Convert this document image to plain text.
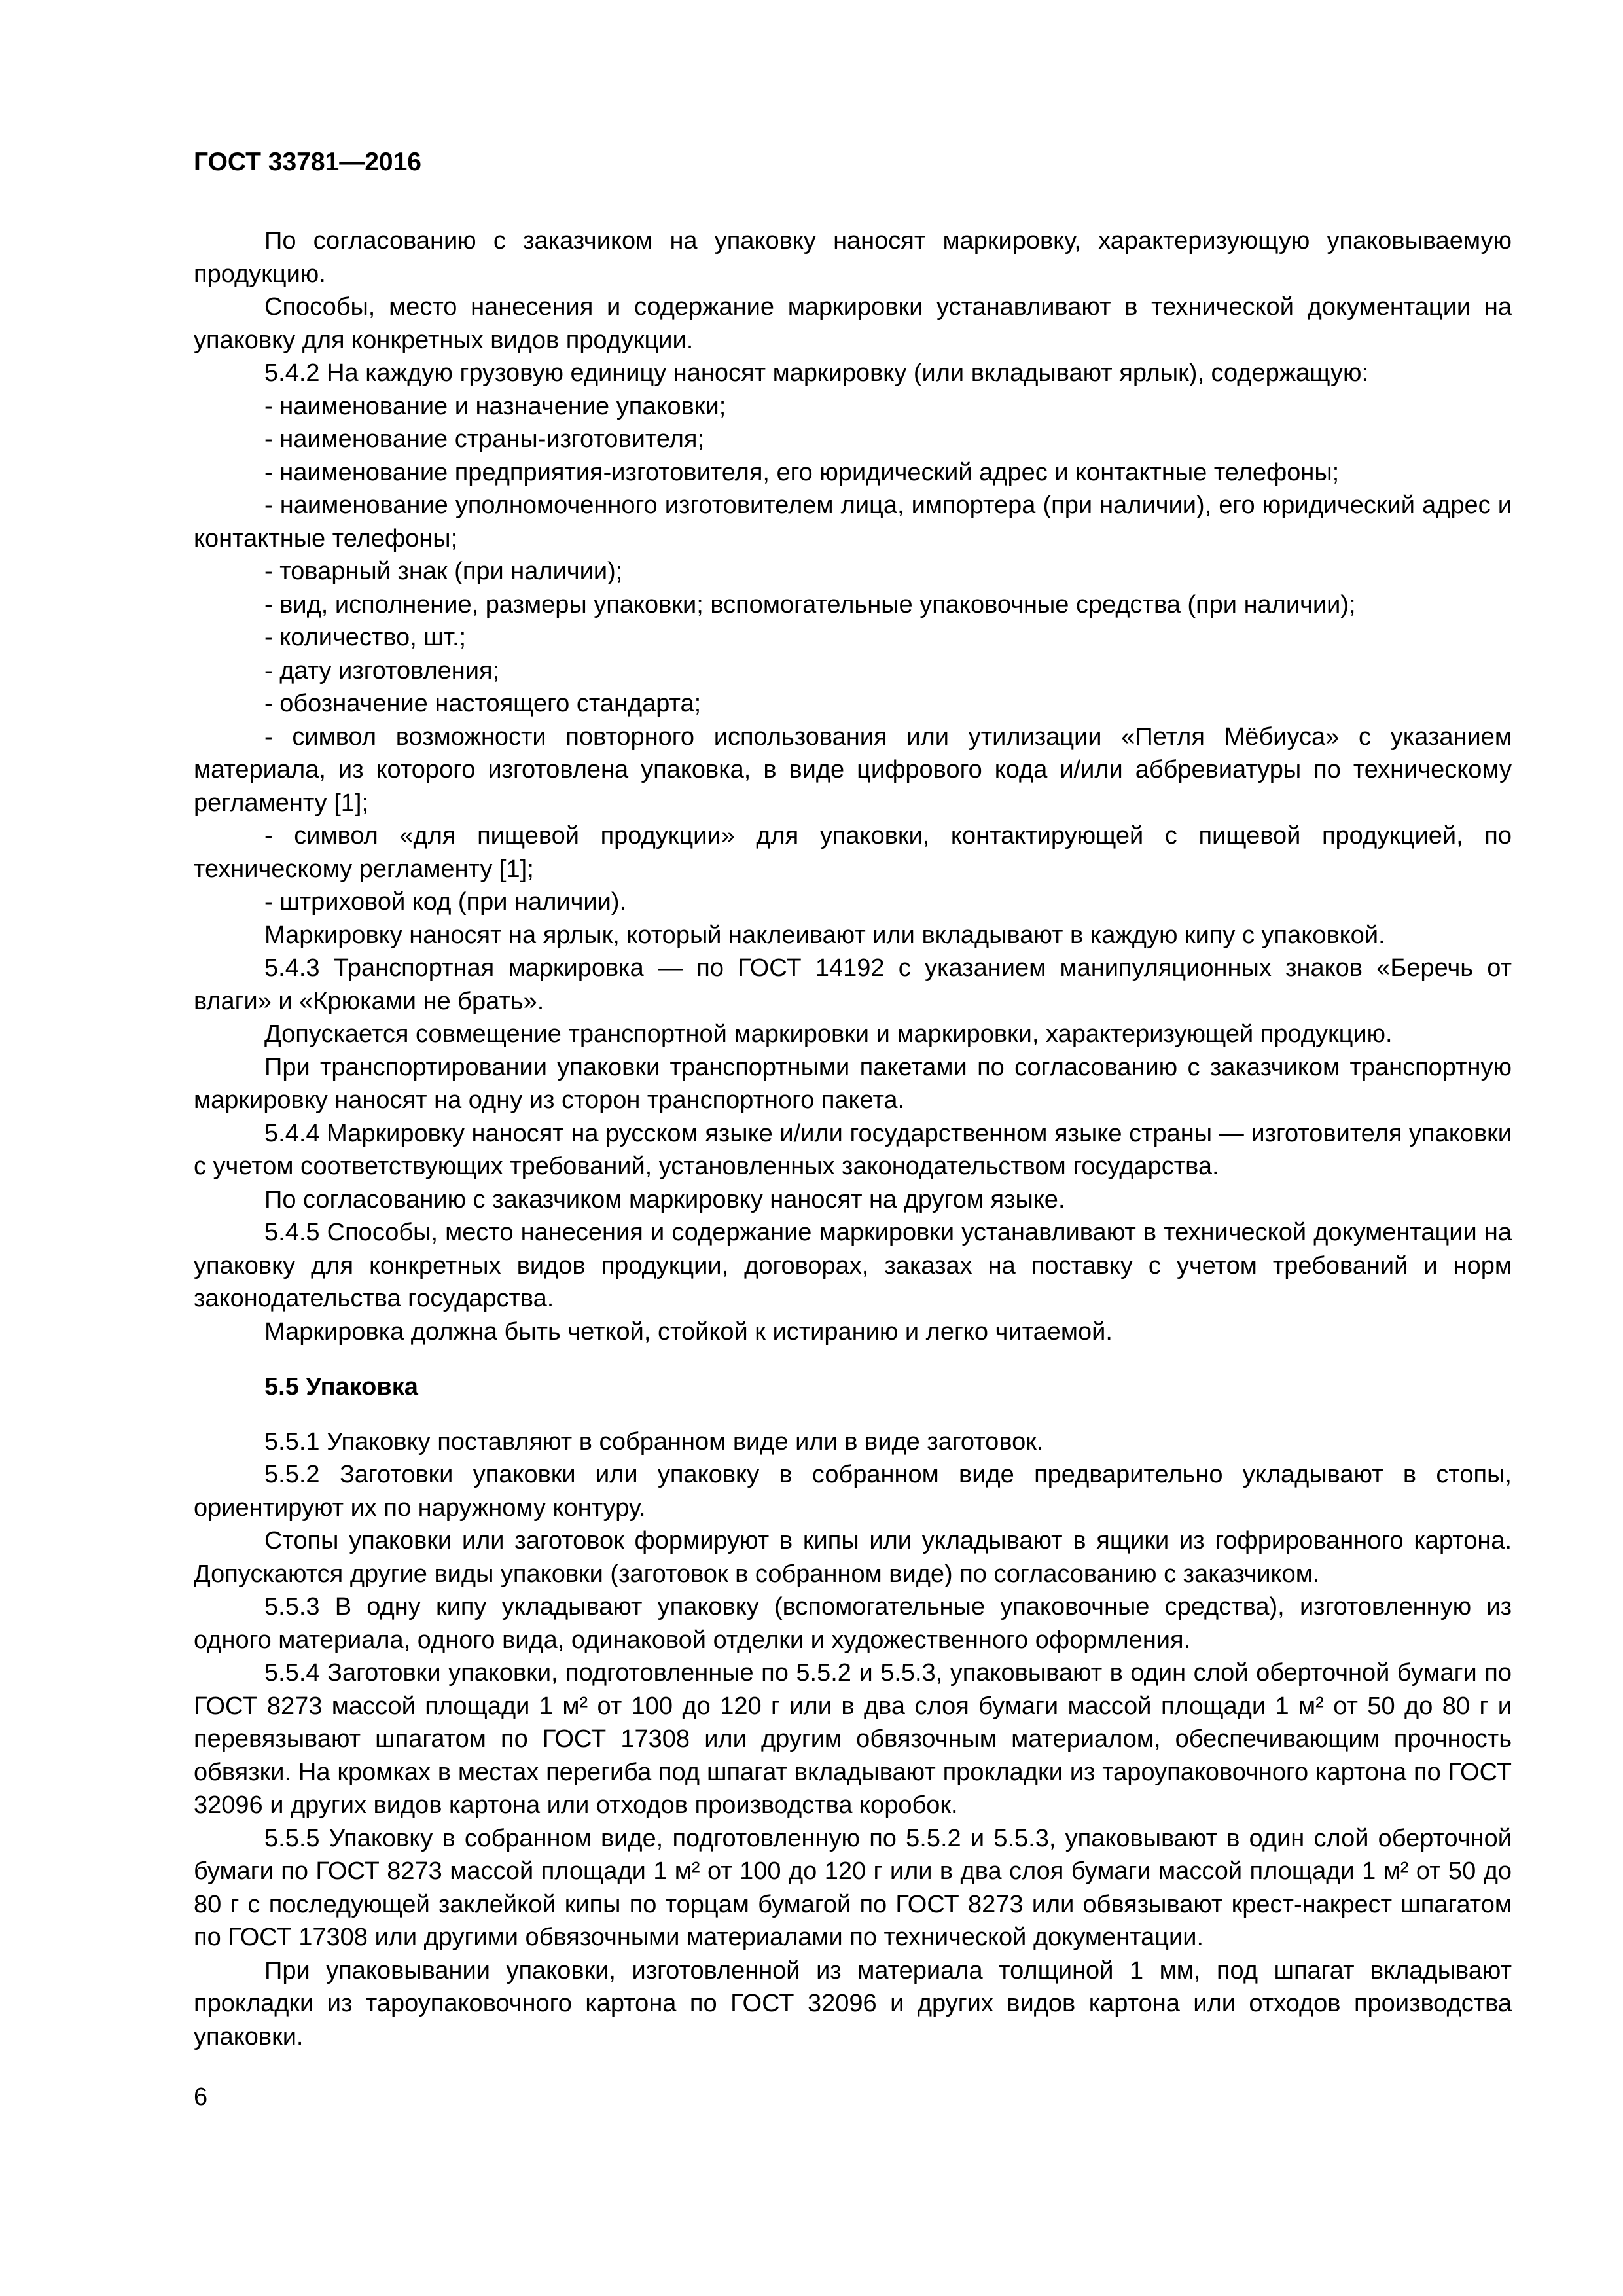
ГОСТ 33781—2016

По согласованию с заказчиком на упаковку наносят маркировку, характеризующую упаковываемую продукцию.

Способы, место нанесения и содержание маркировки устанавливают в технической документации на упаковку для конкретных видов продукции.

5.4.2 На каждую грузовую единицу наносят маркировку (или вкладывают ярлык), содержащую:

- наименование и назначение упаковки;

- наименование страны-изготовителя;

- наименование предприятия-изготовителя, его юридический адрес и контактные телефоны;

- наименование уполномоченного изготовителем лица, импортера (при наличии), его юридический адрес и контактные телефоны;

- товарный знак (при наличии);

- вид, исполнение, размеры упаковки; вспомогательные упаковочные средства (при наличии);

- количество, шт.;

- дату изготовления;

- обозначение настоящего стандарта;

- символ возможности повторного использования или утилизации «Петля Мёбиуса» с указанием материала, из которого изготовлена упаковка, в виде цифрового кода и/или аббревиатуры по техническому регламенту [1];

- символ «для пищевой продукции» для упаковки, контактирующей с пищевой продукцией, по техническому регламенту [1];

- штриховой код (при наличии).

Маркировку наносят на ярлык, который наклеивают или вкладывают в каждую кипу с упаковкой.

5.4.3 Транспортная маркировка — по ГОСТ 14192 с указанием манипуляционных знаков «Беречь от влаги» и «Крюками не брать».

Допускается совмещение транспортной маркировки и маркировки, характеризующей продукцию.

При транспортировании упаковки транспортными пакетами по согласованию с заказчиком транспортную маркировку наносят на одну из сторон транспортного пакета.

5.4.4 Маркировку наносят на русском языке и/или государственном языке страны — изготовителя упаковки с учетом соответствующих требований, установленных законодательством государства.

По согласованию с заказчиком маркировку наносят на другом языке.

5.4.5 Способы, место нанесения и содержание маркировки устанавливают в технической документации на упаковку для конкретных видов продукции, договорах, заказах на поставку с учетом требований и норм законодательства государства.

Маркировка должна быть четкой, стойкой к истиранию и легко читаемой.

5.5 Упаковка

5.5.1 Упаковку поставляют в собранном виде или в виде заготовок.

5.5.2 Заготовки упаковки или упаковку в собранном виде предварительно укладывают в стопы, ориентируют их по наружному контуру.

Стопы упаковки или заготовок формируют в кипы или укладывают в ящики из гофрированного картона. Допускаются другие виды упаковки (заготовок в собранном виде) по согласованию с заказчиком.

5.5.3 В одну кипу укладывают упаковку (вспомогательные упаковочные средства), изготовленную из одного материала, одного вида, одинаковой отделки и художественного оформления.

5.5.4 Заготовки упаковки, подготовленные по 5.5.2 и 5.5.3, упаковывают в один слой оберточной бумаги по ГОСТ 8273 массой площади 1 м² от 100 до 120 г или в два слоя бумаги массой площади 1 м² от 50 до 80 г и перевязывают шпагатом по ГОСТ 17308 или другим обвязочным материалом, обеспечивающим прочность обвязки. На кромках в местах перегиба под шпагат вкладывают прокладки из тароупаковочного картона по ГОСТ 32096 и других видов картона или отходов производства коробок.

5.5.5 Упаковку в собранном виде, подготовленную по 5.5.2 и 5.5.3, упаковывают в один слой оберточной бумаги по ГОСТ 8273 массой площади 1 м² от 100 до 120 г или в два слоя бумаги массой площади 1 м² от 50 до 80 г с последующей заклейкой кипы по торцам бумагой по ГОСТ 8273 или обвязывают крест-накрест шпагатом по ГОСТ 17308 или другими обвязочными материалами по технической документации.

При упаковывании упаковки, изготовленной из материала толщиной 1 мм, под шпагат вкладывают прокладки из тароупаковочного картона по ГОСТ 32096 и других видов картона или отходов производства упаковки.

6
